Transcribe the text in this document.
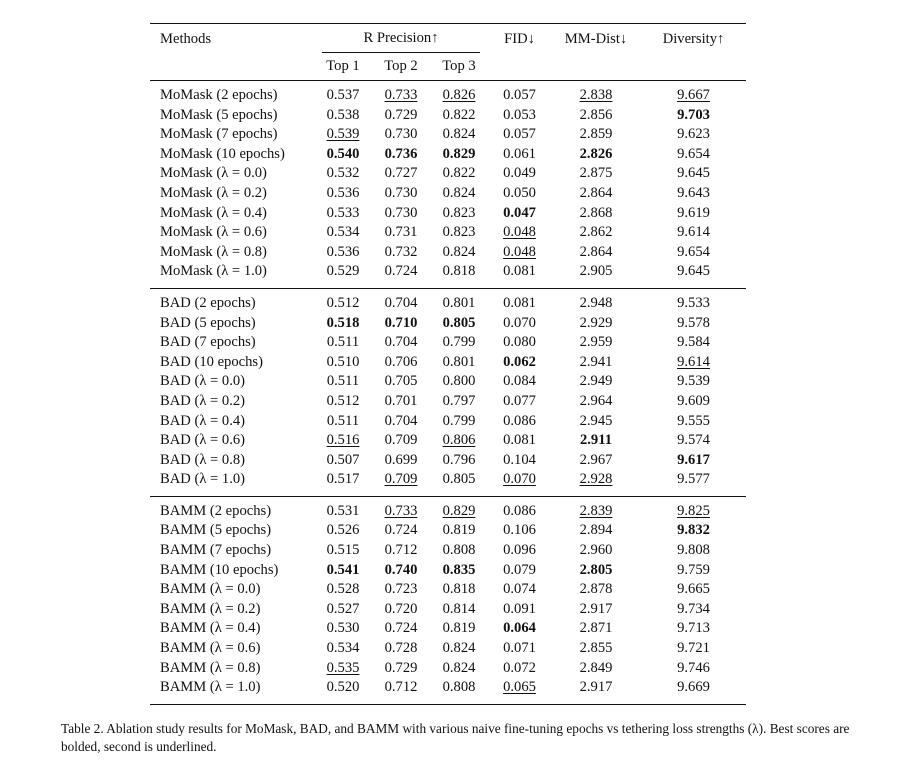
Methods	R Precision↑			FID↓	MM-Dist↓	Diversity↑
	Top 1	Top 2	Top 3			
MoMask (2 epochs)	0.537	0.733	0.826	0.057	2.838	9.667
MoMask (5 epochs)	0.538	0.729	0.822	0.053	2.856	9.703
MoMask (7 epochs)	0.539	0.730	0.824	0.057	2.859	9.623
MoMask (10 epochs)	0.540	0.736	0.829	0.061	2.826	9.654
MoMask (λ = 0.0)	0.532	0.727	0.822	0.049	2.875	9.645
MoMask (λ = 0.2)	0.536	0.730	0.824	0.050	2.864	9.643
MoMask (λ = 0.4)	0.533	0.730	0.823	0.047	2.868	9.619
MoMask (λ = 0.6)	0.534	0.731	0.823	0.048	2.862	9.614
MoMask (λ = 0.8)	0.536	0.732	0.824	0.048	2.864	9.654
MoMask (λ = 1.0)	0.529	0.724	0.818	0.081	2.905	9.645
BAD (2 epochs)	0.512	0.704	0.801	0.081	2.948	9.533
BAD (5 epochs)	0.518	0.710	0.805	0.070	2.929	9.578
BAD (7 epochs)	0.511	0.704	0.799	0.080	2.959	9.584
BAD (10 epochs)	0.510	0.706	0.801	0.062	2.941	9.614
BAD (λ = 0.0)	0.511	0.705	0.800	0.084	2.949	9.539
BAD (λ = 0.2)	0.512	0.701	0.797	0.077	2.964	9.609
BAD (λ = 0.4)	0.511	0.704	0.799	0.086	2.945	9.555
BAD (λ = 0.6)	0.516	0.709	0.806	0.081	2.911	9.574
BAD (λ = 0.8)	0.507	0.699	0.796	0.104	2.967	9.617
BAD (λ = 1.0)	0.517	0.709	0.805	0.070	2.928	9.577
BAMM (2 epochs)	0.531	0.733	0.829	0.086	2.839	9.825
BAMM (5 epochs)	0.526	0.724	0.819	0.106	2.894	9.832
BAMM (7 epochs)	0.515	0.712	0.808	0.096	2.960	9.808
BAMM (10 epochs)	0.541	0.740	0.835	0.079	2.805	9.759
BAMM (λ = 0.0)	0.528	0.723	0.818	0.074	2.878	9.665
BAMM (λ = 0.2)	0.527	0.720	0.814	0.091	2.917	9.734
BAMM (λ = 0.4)	0.530	0.724	0.819	0.064	2.871	9.713
BAMM (λ = 0.6)	0.534	0.728	0.824	0.071	2.855	9.721
BAMM (λ = 0.8)	0.535	0.729	0.824	0.072	2.849	9.746
BAMM (λ = 1.0)	0.520	0.712	0.808	0.065	2.917	9.669
Table 2. Ablation study results for MoMask, BAD, and BAMM with various naive fine-tuning epochs vs tethering loss strengths (λ). Best scores are bolded, second is underlined.
